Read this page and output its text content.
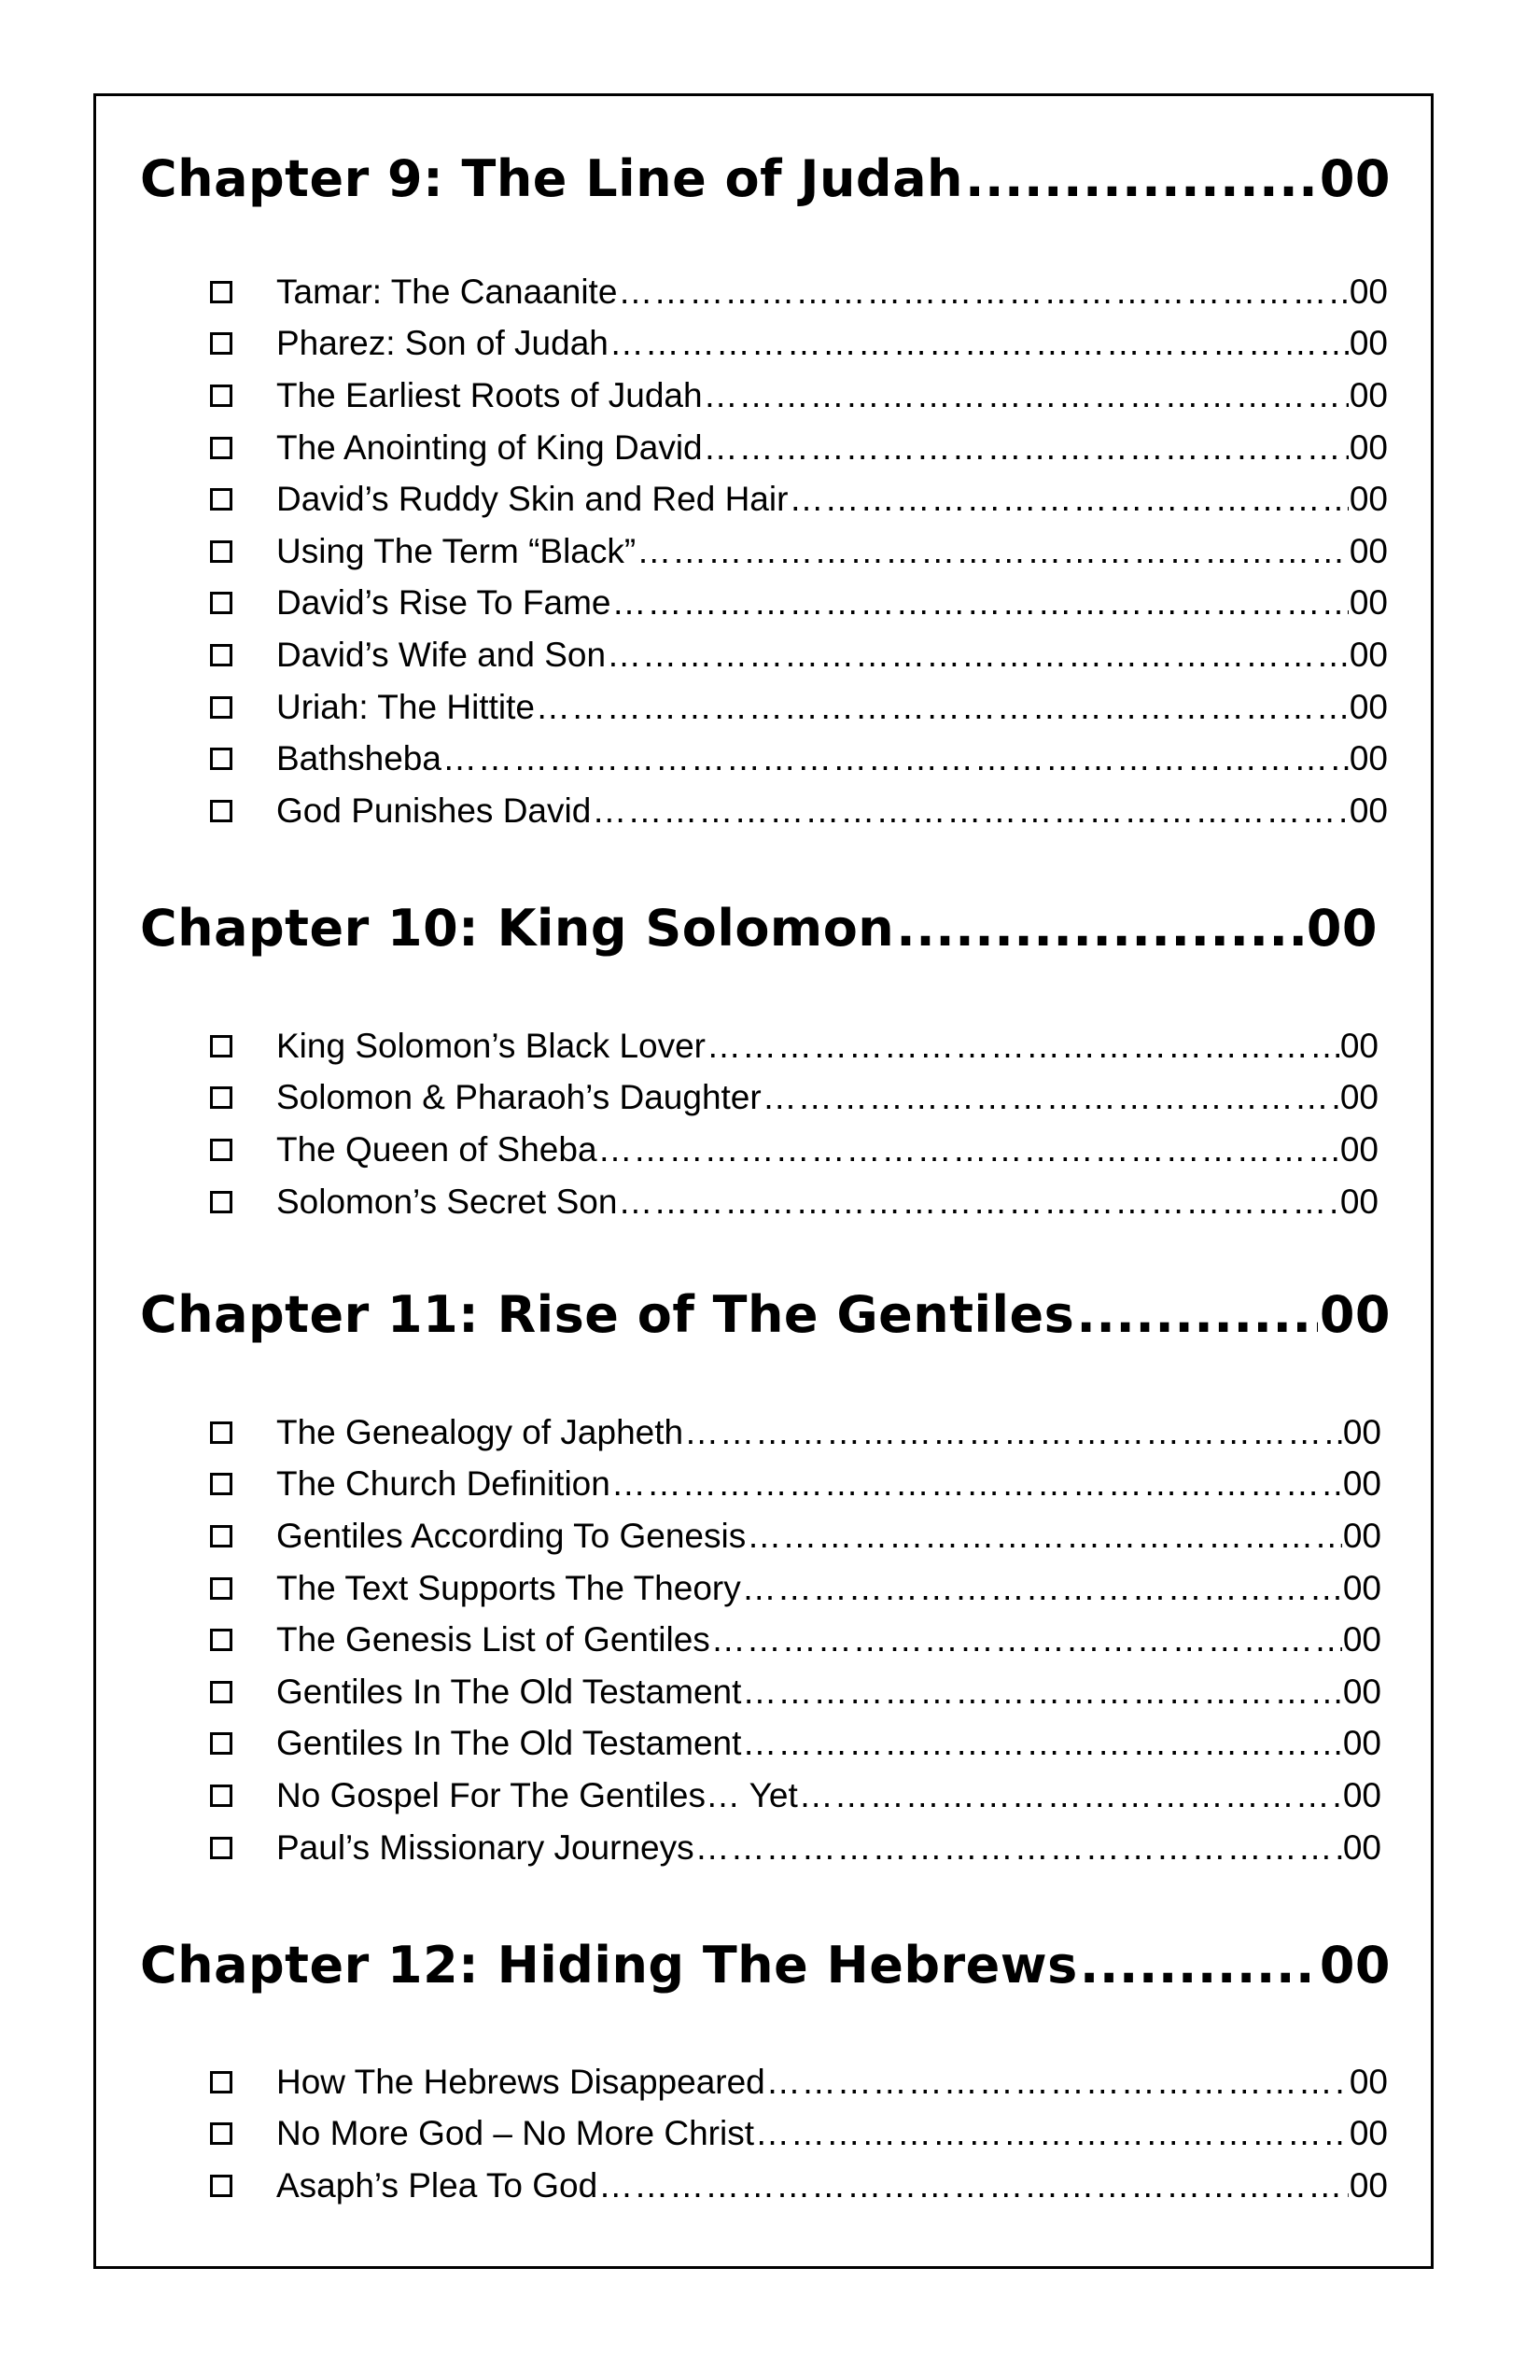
Chapter 9: The Line of Judah .....	00
Tamar: The Canaanite …………………………………………………………………………………………………………………………………………………………………………………………	00
Pharez: Son of Judah …………………………………………………………………………………………………………………………………………………………………………………………	00
The Earliest Roots of Judah …………………………………………………………………………………………………………………………………………………………………………………………	00
The Anointing of King David …………………………………………………………………………………………………………………………………………………………………………………………	00
David’s Ruddy Skin and Red Hair …………………………………………………………………………………………………………………………………………………………………………………………	00
Using The Term “Black” …………………………………………………………………………………………………………………………………………………………………………………………	00
David’s Rise To Fame …………………………………………………………………………………………………………………………………………………………………………………………	00
David’s Wife and Son …………………………………………………………………………………………………………………………………………………………………………………………	00
Uriah: The Hittite …………………………………………………………………………………………………………………………………………………………………………………………	00
Bathsheba …………………………………………………………………………………………………………………………………………………………………………………………	00
God Punishes David …………………………………………………………………………………………………………………………………………………………………………………………	00
Chapter 10: King Solomon .....	00
King Solomon’s Black Lover …………………………………………………………………………………………………………………………………………………………………………………………	00
Solomon & Pharaoh’s Daughter …………………………………………………………………………………………………………………………………………………………………………………………	00
The Queen of Sheba …………………………………………………………………………………………………………………………………………………………………………………………	00
Solomon’s Secret Son …………………………………………………………………………………………………………………………………………………………………………………………	00
Chapter 11: Rise of The Gentiles .....	00
The Genealogy of Japheth …………………………………………………………………………………………………………………………………………………………………………………………	00
The Church Definition …………………………………………………………………………………………………………………………………………………………………………………………	00
Gentiles According To Genesis …………………………………………………………………………………………………………………………………………………………………………………………	00
The Text Supports The Theory …………………………………………………………………………………………………………………………………………………………………………………………	00
The Genesis List of Gentiles …………………………………………………………………………………………………………………………………………………………………………………………	00
Gentiles In The Old Testament …………………………………………………………………………………………………………………………………………………………………………………………	00
Gentiles In The Old Testament …………………………………………………………………………………………………………………………………………………………………………………………	00
No Gospel For The Gentiles… Yet …………………………………………………………………………………………………………………………………………………………………………………………	00
Paul’s Missionary Journeys …………………………………………………………………………………………………………………………………………………………………………………………	00
Chapter 12: Hiding The Hebrews .....	00
How The Hebrews Disappeared …………………………………………………………………………………………………………………………………………………………………………………………	00
No More God – No More Christ …………………………………………………………………………………………………………………………………………………………………………………………	00
Asaph’s Plea To God …………………………………………………………………………………………………………………………………………………………………………………………	00
